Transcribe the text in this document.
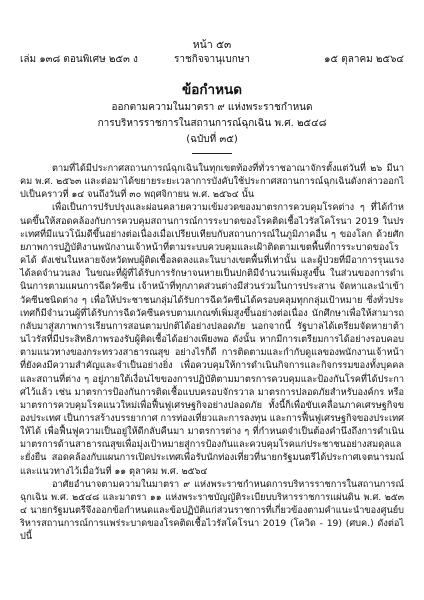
หน้า ๕๓
เล่ม ๑๓๘ ตอนพิเศษ ๒๕๓ ง	ราชกิจจานุเบกษา	๑๕ ตุลาคม ๒๕๖๔
ข้อกำหนด
ออกตามความในมาตรา ๙ แห่งพระราชกำหนด
การบริหารราชการในสถานการณ์ฉุกเฉิน พ.ศ. ๒๕๔๘
(ฉบับที่ ๓๕)

ตามที่ได้มีประกาศสถานการณ์ฉุกเฉินในทุกเขตท้องที่ทั่วราชอาณาจักรตั้งแต่วันที่ ๒๖ มีนาคม พ.ศ. ๒๕๖๓ และต่อมาได้ขยายระยะเวลาการบังคับใช้ประกาศสถานการณ์ฉุกเฉินดังกล่าวออกไปเป็นคราวที่ ๑๔ จนถึงวันที่ ๓๐ พฤศจิกายน พ.ศ. ๒๕๖๔ นั้น

เพื่อเป็นการปรับปรุงและผ่อนคลายความเข้มงวดของมาตรการควบคุมโรคต่าง ๆ ที่ได้กำหนดขึ้นให้สอดคล้องกับการควบคุมสถานการณ์การระบาดของโรคติดเชื้อไวรัสโคโรนา 2019 ในประเทศที่มีแนวโน้มดีขึ้นอย่างต่อเนื่องเมื่อเปรียบเทียบกับสถานการณ์ในภูมิภาคอื่น ๆ ของโลก ด้วยศักยภาพการปฏิบัติงานพนักงานเจ้าหน้าที่ตามระบบควบคุมและเฝ้าติดตามเขตพื้นที่การระบาดของโรคได้ ดังเช่นในหลายจังหวัดพบผู้ติดเชื้อลดลงและในบางเขตพื้นที่เท่านั้น และผู้ป่วยที่มีอาการรุนแรงได้ลดจำนวนลง ในขณะที่ผู้ที่ได้รับการรักษาจนหายเป็นปกติมีจำนวนเพิ่มสูงขึ้น ในส่วนของการดำเนินการตามแผนการฉีดวัคซีน เจ้าหน้าที่ทุกภาคส่วนต่างมีส่วนร่วมในการประสาน จัดหาและนำเข้าวัคซีนชนิดต่าง ๆ เพื่อให้ประชาชนกลุ่มได้รับการฉีดวัคซีนได้ครอบคลุมทุกกลุ่มเป้าหมาย ซึ่งทั่วประเทศก็มีจำนวนผู้ที่ได้รับการฉีดวัคซีนครบตามเกณฑ์เพิ่มสูงขึ้นอย่างต่อเนื่อง นักศึกษาเพื่อให้สามารถกลับมาสู่สภาพการเรียนการสอนตามปกติได้อย่างปลอดภัย นอกจากนี้ รัฐบาลได้เตรียมจัดหายาต้านไวรัสที่มีประสิทธิภาพรองรับผู้ติดเชื้อได้อย่างเพียงพอ ดังนั้น หากมีการเตรียมการได้อย่างรอบคอบตามแนวทางของกระทรวงสาธารณสุข อย่างไรก็ดี การติดตามและกำกับดูแลของพนักงานเจ้าหน้าที่ยังคงมีความสำคัญและจำเป็นอย่างยิ่ง เพื่อควบคุมให้การดำเนินกิจการและกิจกรรมของทั้งบุคคลและสถานที่ต่าง ๆ อยู่ภายใต้เงื่อนไขของการปฏิบัติตามมาตรการควบคุมและป้องกันโรคที่ได้ประกาศไว้แล้ว เช่น มาตรการป้องกันการติดเชื้อแบบครอบจักรวาล มาตรการปลอดภัยสำหรับองค์กร หรือมาตรการควบคุมโรคแนวใหม่เพื่อฟื้นฟูเศรษฐกิจอย่างปลอดภัย ทั้งนี้ก็เพื่อขับเคลื่อนภาคเศรษฐกิจของประเทศ เป็นการสร้างบรรยากาศ การท่องเที่ยวและการลงทุน และการฟื้นฟูเศรษฐกิจของประเทศให้ได้ เพื่อฟื้นฟูความเป็นอยู่ให้ดีกลับคืนมา มาตรการต่าง ๆ ที่กำหนดจำเป็นต้องคำนึงถึงการดำเนินมาตรการด้านสาธารณสุขเพื่อมุ่งเป้าหมายสู่การป้องกันและควบคุมโรคแก่ประชาชนอย่างสมดุลและยั่งยืน สอดคล้องกับแผนการเปิดประเทศเพื่อรับนักท่องเที่ยวที่นายกรัฐมนตรีได้ประกาศเจตนารมณ์และแนวทางไว้เมื่อวันที่ ๑๑ ตุลาคม พ.ศ. ๒๕๖๔

อาศัยอำนาจตามความในมาตรา ๙ แห่งพระราชกำหนดการบริหารราชการในสถานการณ์ฉุกเฉิน พ.ศ. ๒๕๔๘ และมาตรา ๑๑ แห่งพระราชบัญญัติระเบียบบริหารราชการแผ่นดิน พ.ศ. ๒๕๓๔ นายกรัฐมนตรีจึงออกข้อกำหนดและข้อปฏิบัติแก่ส่วนราชการที่เกี่ยวข้องตามคำแนะนำของศูนย์บริหารสถานการณ์การแพร่ระบาดของโรคติดเชื้อไวรัสโคโรนา 2019 (โควิด - 19) (ศบค.) ดังต่อไปนี้
